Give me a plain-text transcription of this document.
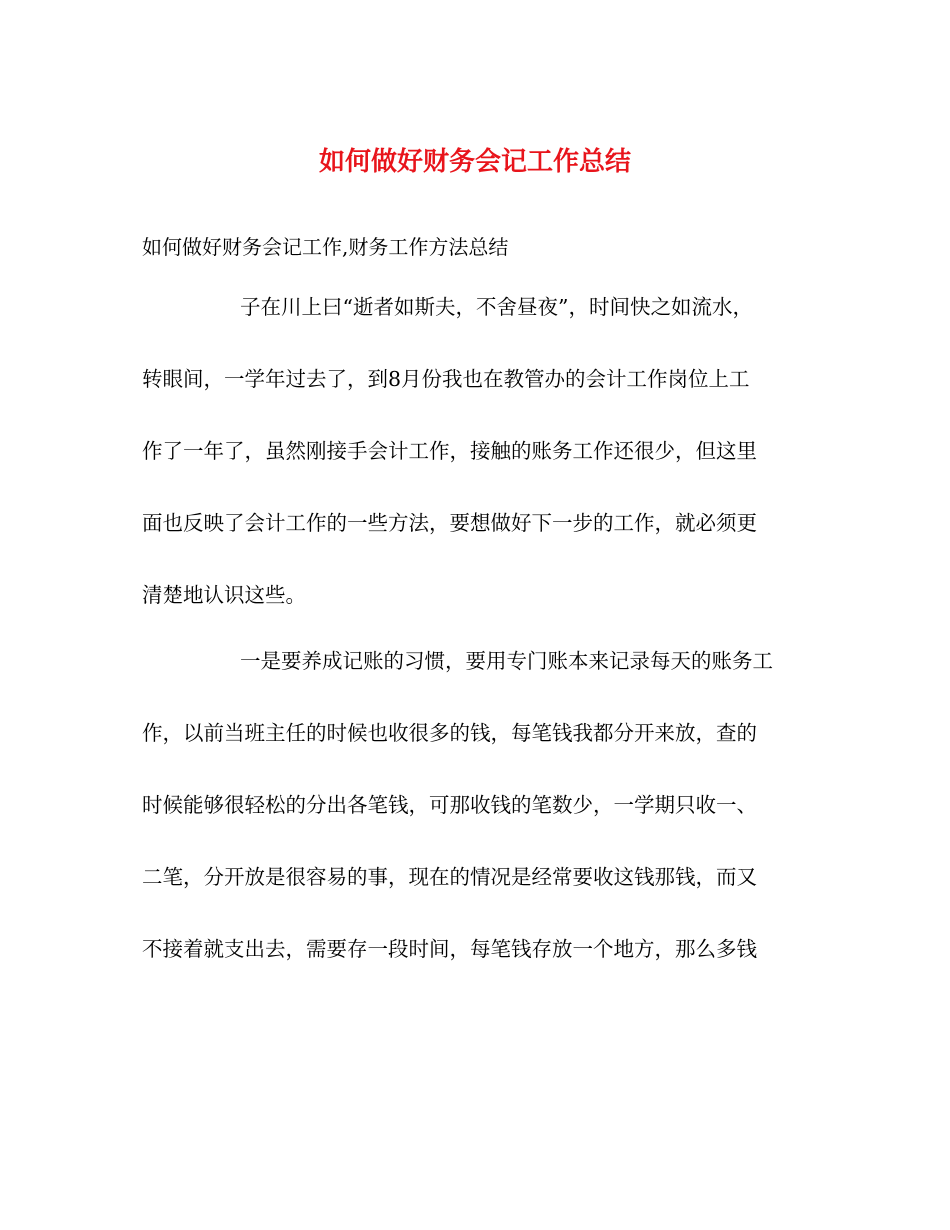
如何做好财务会记工作总结
如何做好财务会记工作,财务工作方法总结
子在川上曰“逝者如斯夫，不舍昼夜”，时间快之如流水，
转眼间，一学年过去了，到8月份我也在教管办的会计工作岗位上工
作了一年了，虽然刚接手会计工作，接触的账务工作还很少，但这里
面也反映了会计工作的一些方法，要想做好下一步的工作，就必须更
清楚地认识这些。
一是要养成记账的习惯，要用专门账本来记录每天的账务工
作，以前当班主任的时候也收很多的钱，每笔钱我都分开来放，查的
时候能够很轻松的分出各笔钱，可那收钱的笔数少，一学期只收一、
二笔，分开放是很容易的事，现在的情况是经常要收这钱那钱，而又
不接着就支出去，需要存一段时间，每笔钱存放一个地方，那么多钱
